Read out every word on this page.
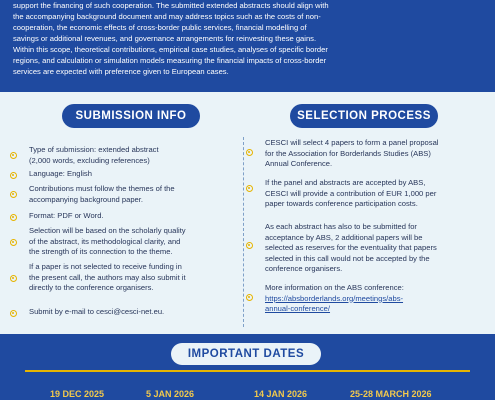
support the financing of such cooperation. The submitted extended abstracts should align with

the accompanying background document and may address topics such as the costs of non-

cooperation, the economic effects of cross-border public services, financial modelling of

savings or additional revenues, and governance arrangements for reinvesting these gains.

Within this scope, theoretical contributions, empirical case studies, analyses of specific border

regions, and calculation or simulation models measuring the financial impacts of cross-border

services are expected with preference given to European cases.

SUBMISSION INFO	SELECTION PROCESS
Type of submission: extended abstract
(2,000 words, excluding references)
Language: English
Contributions must follow the themes of the
accompanying background paper.
Format: PDF or Word.
Selection will be based on the scholarly quality
of the abstract, its methodological clarity, and
the strength of its connection to the theme.
If a paper is not selected to receive funding in
the present call, the authors may also submit it
directly to the conference organisers.
Submit by e-mail to cesci@cesci-net.eu.
CESCI will select 4 papers to form a panel proposal
for the Association for Borderlands Studies (ABS)
Annual Conference.
If the panel and abstracts are accepted by ABS,
CESCI will provide a contribution of EUR 1,000 per
paper towards conference participation costs.
As each abstract has also to be submitted for
acceptance by ABS, 2 additional papers will be
selected as reserves for the eventuality that papers
selected in this call would not be accepted by the
conference organisers.
More information on the ABS conference:
https://absborderlands.org/meetings/abs-
annual-conference/
IMPORTANT DATES
19 DEC 2025	5 JAN 2026	14 JAN 2026	25-28 MARCH 2026
